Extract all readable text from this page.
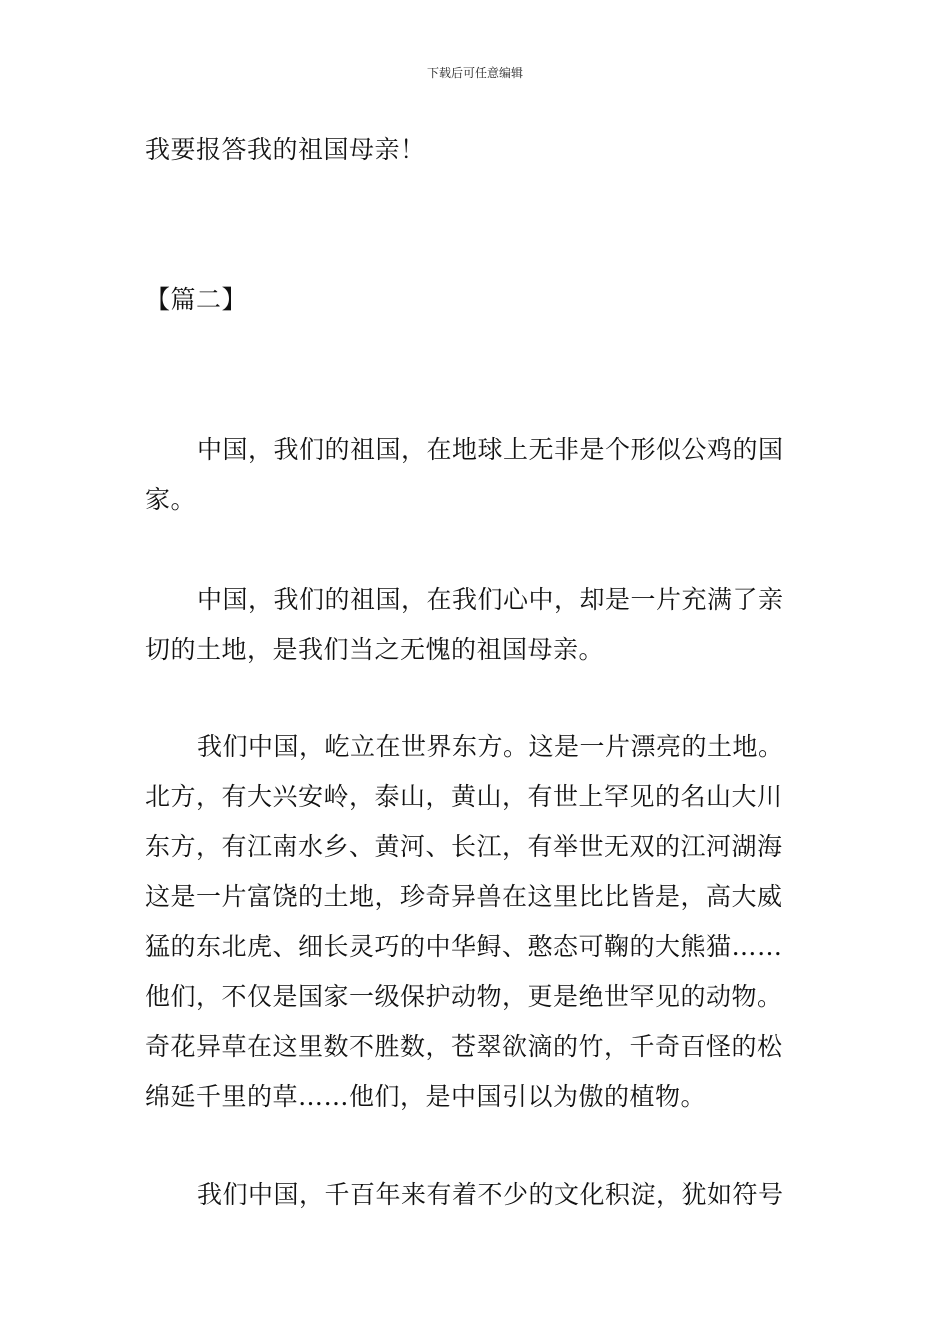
下载后可任意编辑
我要报答我的祖国母亲！
【篇二】
中国，我们的祖国，在地球上无非是个形似公鸡的国
家。
中国，我们的祖国，在我们心中，却是一片充满了亲
切的土地，是我们当之无愧的祖国母亲。
我们中国，屹立在世界东方。这是一片漂亮的土地。
北方，有大兴安岭，泰山，黄山，有世上罕见的名山大川
东方，有江南水乡、黄河、长江，有举世无双的江河湖海
这是一片富饶的土地，珍奇异兽在这里比比皆是，高大威
猛的东北虎、细长灵巧的中华鲟、憨态可鞠的大熊猫……
他们，不仅是国家一级保护动物，更是绝世罕见的动物。
奇花异草在这里数不胜数，苍翠欲滴的竹，千奇百怪的松
绵延千里的草……他们，是中国引以为傲的植物。
我们中国，千百年来有着不少的文化积淀，犹如符号
